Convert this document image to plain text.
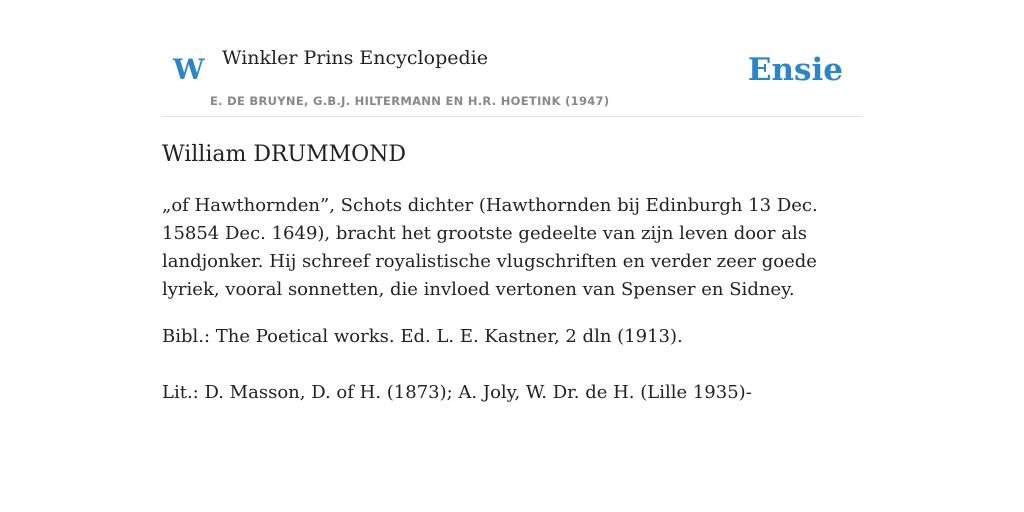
W Winkler Prins Encyclopedie
E. DE BRUYNE, G.B.J. HILTERMANN EN H.R. HOETINK (1947)
Ensie
William DRUMMOND

„of Hawthornden”, Schots dichter (Hawthornden bij Edinburgh 13 Dec. 15854 Dec. 1649), bracht het grootste gedeelte van zijn leven door als landjonker. Hij schreef royalistische vlugschriften en verder zeer goede lyriek, vooral sonnetten, die invloed vertonen van Spenser en Sidney.

Bibl.: The Poetical works. Ed. L. E. Kastner, 2 dln (1913).

Lit.: D. Masson, D. of H. (1873); A. Joly, W. Dr. de H. (Lille 1935)-
